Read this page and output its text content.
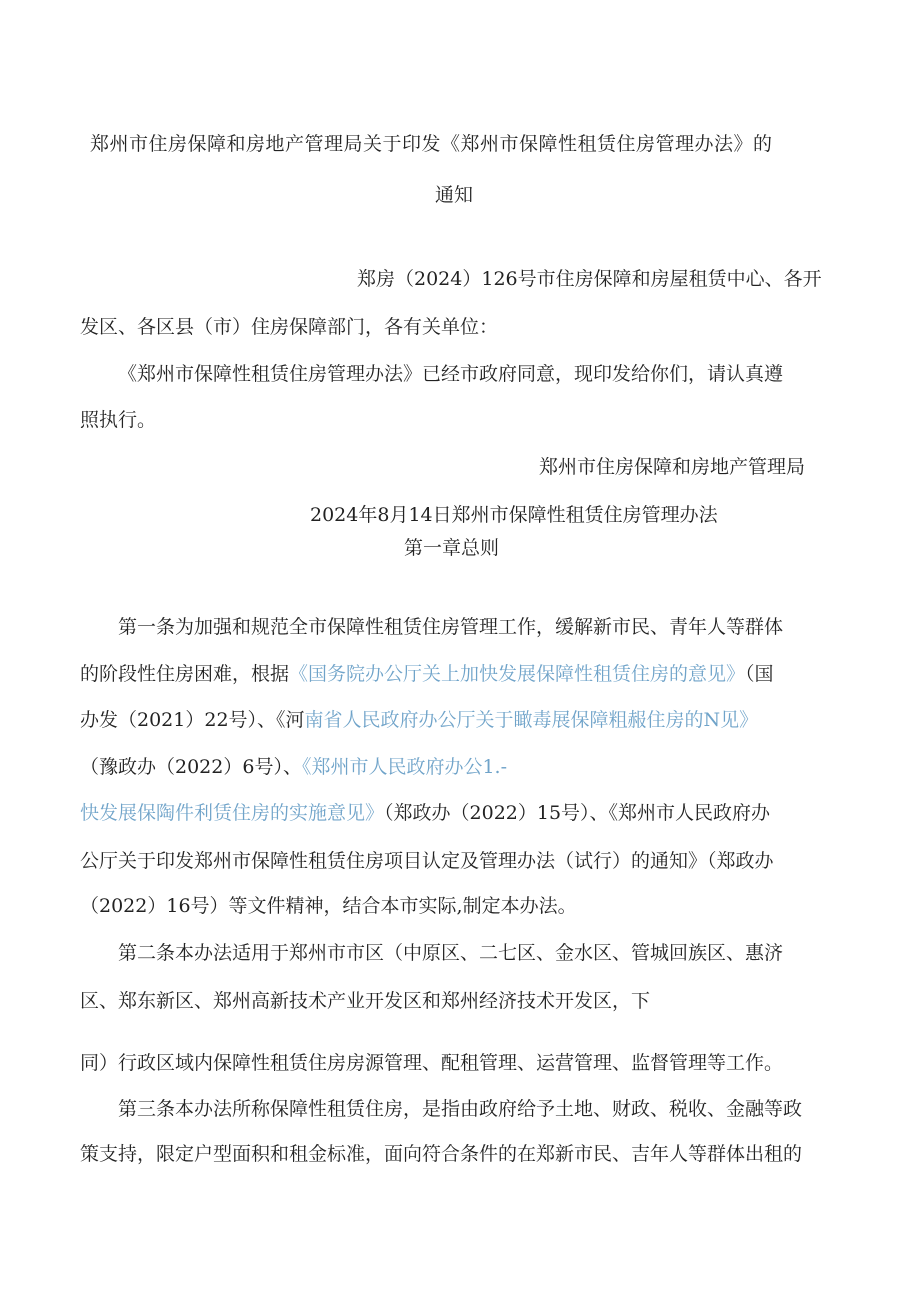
郑州市住房保障和房地产管理局关于印发《郑州市保障性租赁住房管理办法》的

通知

郑房（2024）126号市住房保障和房屋租赁中心、各开

发区、各区县（市）住房保障部门，各有关单位：

《郑州市保障性租赁住房管理办法》已经市政府同意，现印发给你们，请认真遵

照执行。

郑州市住房保障和房地产管理局

2024年8月14日郑州市保障性租赁住房管理办法

第一章总则

第一条为加强和规范全市保障性租赁住房管理工作，缓解新市民、青年人等群体

的阶段性住房困难，根据《国务院办公厅关上加快发展保障性租赁住房的意见》（国

办发（2021）22号）、《河南省人民政府办公厅关于瞰毒展保障粗赧住房的N见》

（豫政办（2022）6号）、《郑州市人民政府办公1.-

快发展保陶件利赁住房的实施意见》（郑政办（2022）15号）、《郑州市人民政府办

公厅关于印发郑州市保障性租赁住房项目认定及管理办法（试行）的通知》（郑政办

（2022）16号）等文件精神，结合本市实际,制定本办法。

第二条本办法适用于郑州市市区（中原区、二七区、金水区、管城回族区、惠济

区、郑东新区、郑州高新技术产业开发区和郑州经济技术开发区，下

同）行政区域内保障性租赁住房房源管理、配租管理、运营管理、监督管理等工作。

第三条本办法所称保障性租赁住房，是指由政府给予土地、财政、税收、金融等政

策支持，限定户型面积和租金标准，面向符合条件的在郑新市民、吉年人等群体出租的
